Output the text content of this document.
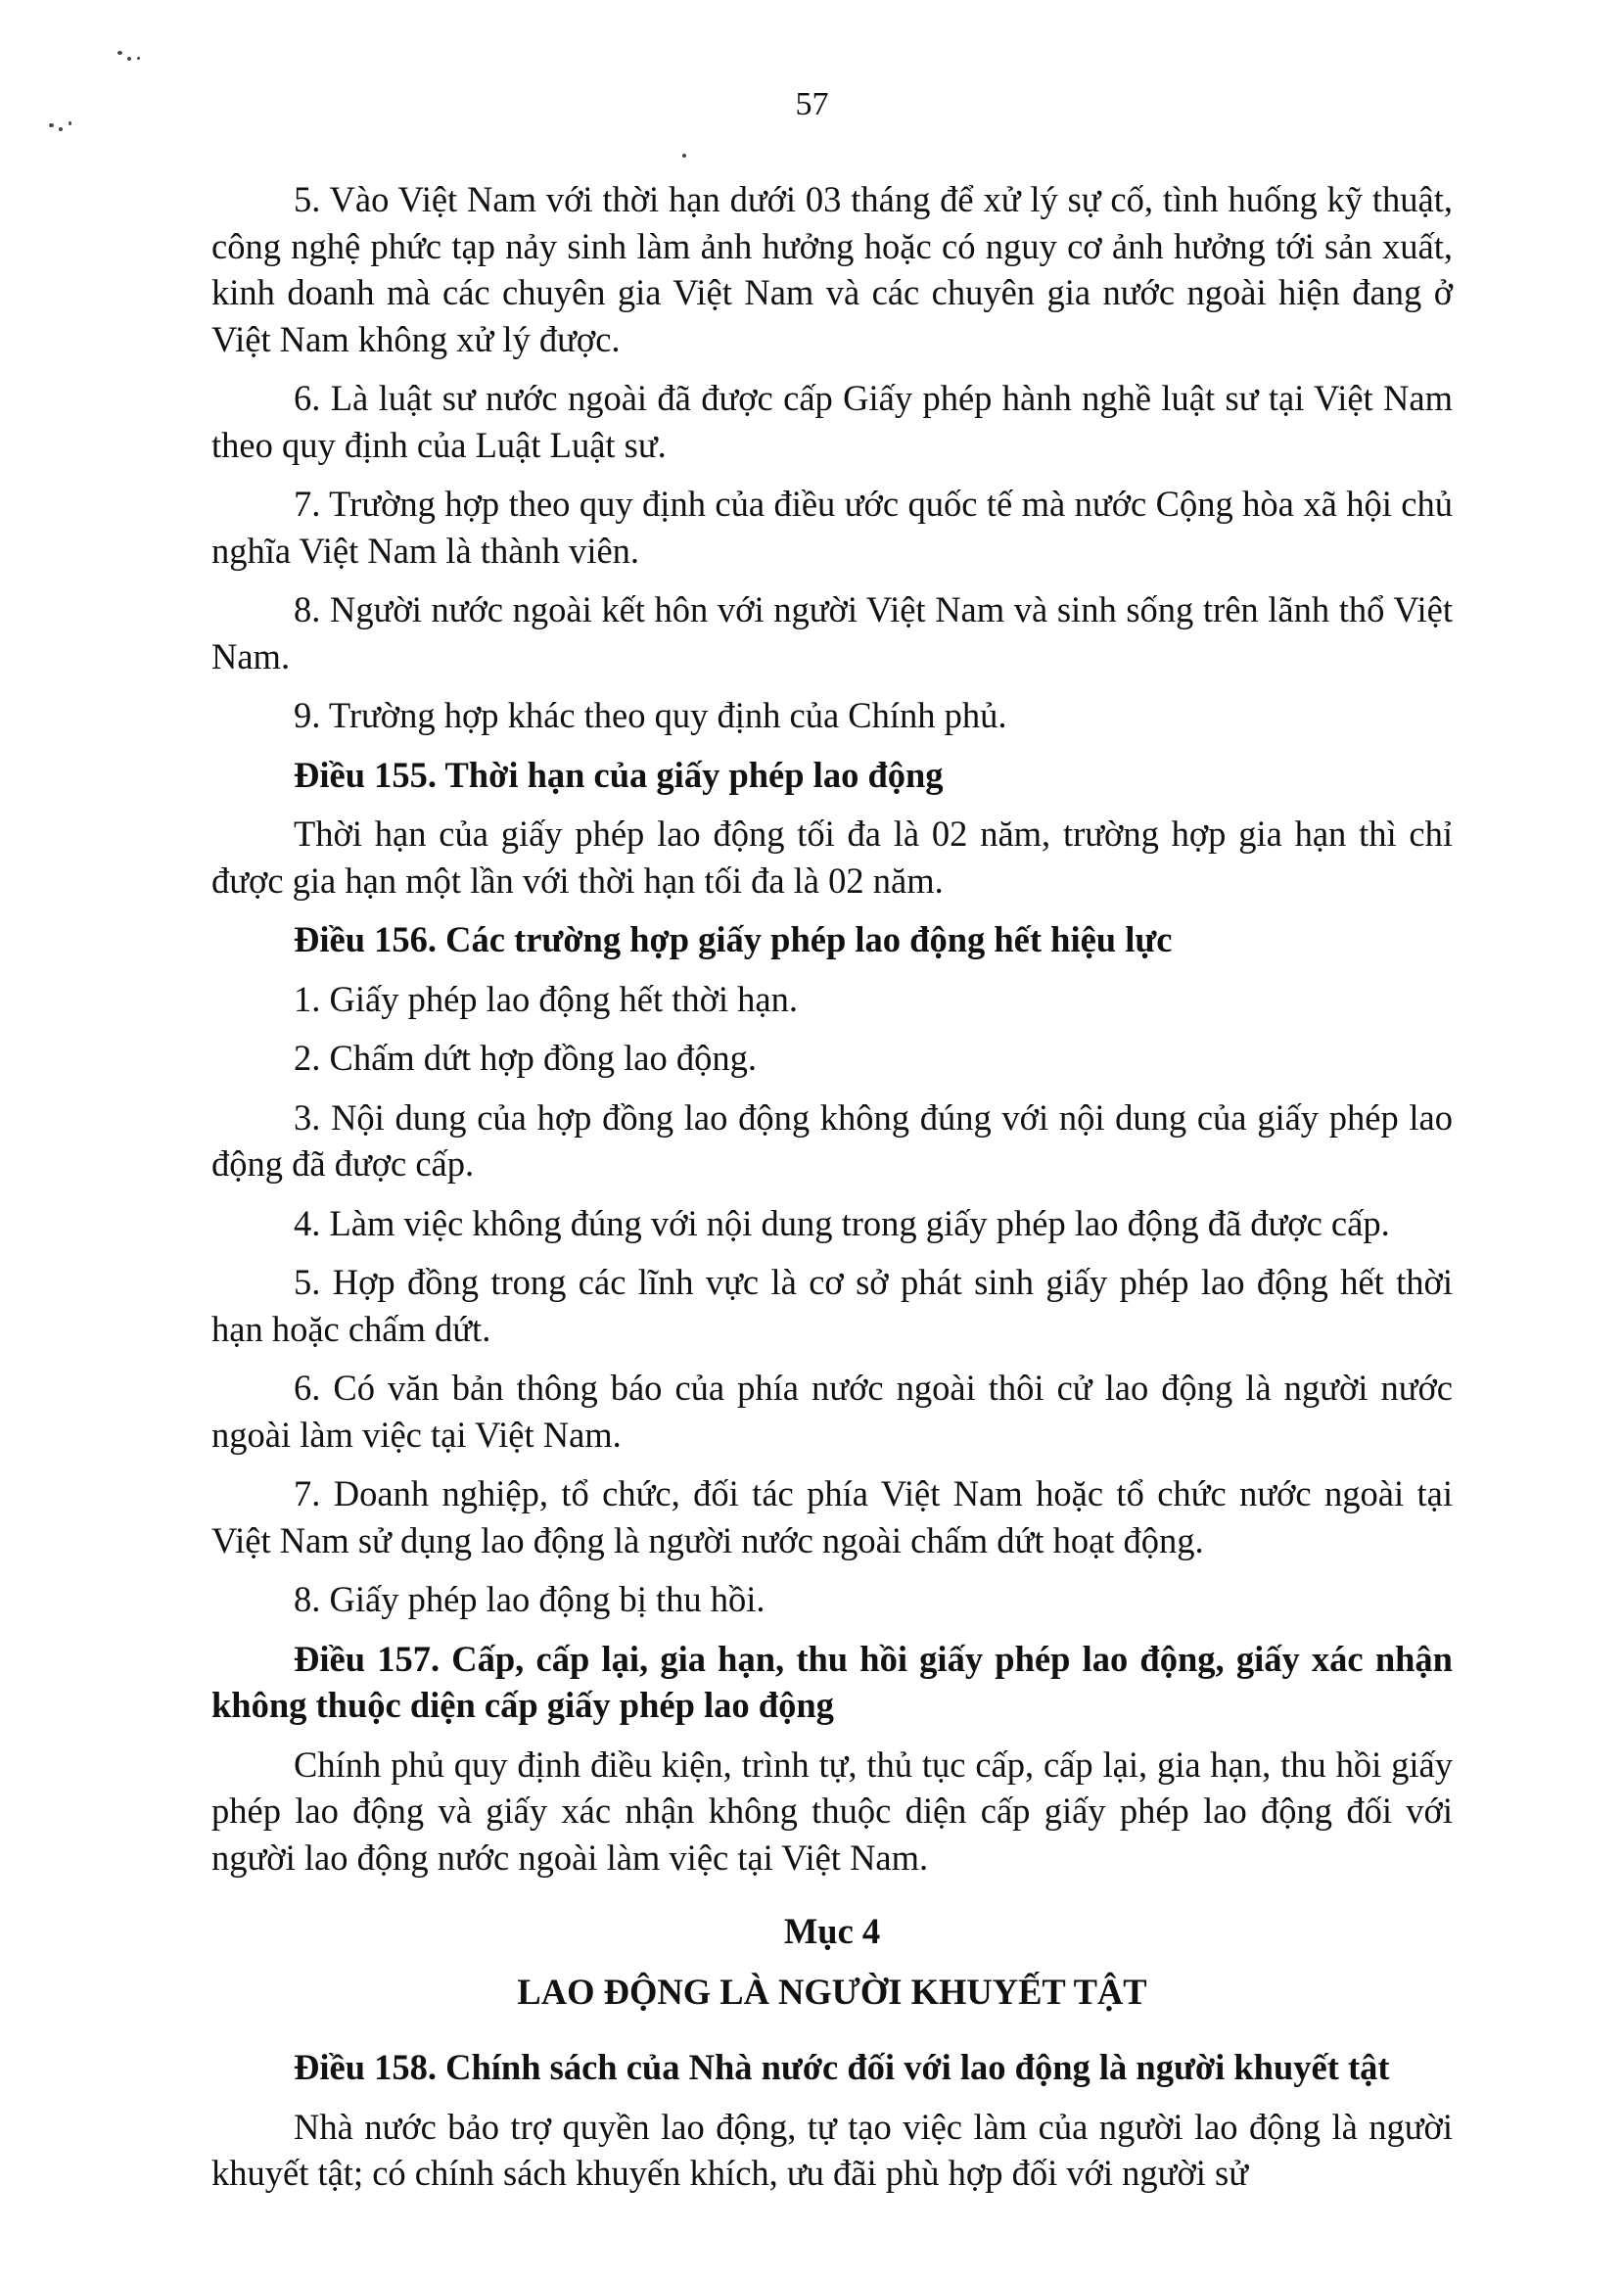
57

5. Vào Việt Nam với thời hạn dưới 03 tháng để xử lý sự cố, tình huống kỹ thuật, công nghệ phức tạp nảy sinh làm ảnh hưởng hoặc có nguy cơ ảnh hưởng tới sản xuất, kinh doanh mà các chuyên gia Việt Nam và các chuyên gia nước ngoài hiện đang ở Việt Nam không xử lý được.

6. Là luật sư nước ngoài đã được cấp Giấy phép hành nghề luật sư tại Việt Nam theo quy định của Luật Luật sư.

7. Trường hợp theo quy định của điều ước quốc tế mà nước Cộng hòa xã hội chủ nghĩa Việt Nam là thành viên.

8. Người nước ngoài kết hôn với người Việt Nam và sinh sống trên lãnh thổ Việt Nam.

9. Trường hợp khác theo quy định của Chính phủ.

Điều 155. Thời hạn của giấy phép lao động

Thời hạn của giấy phép lao động tối đa là 02 năm, trường hợp gia hạn thì chỉ được gia hạn một lần với thời hạn tối đa là 02 năm.

Điều 156. Các trường hợp giấy phép lao động hết hiệu lực

1. Giấy phép lao động hết thời hạn.

2. Chấm dứt hợp đồng lao động.

3. Nội dung của hợp đồng lao động không đúng với nội dung của giấy phép lao động đã được cấp.

4. Làm việc không đúng với nội dung trong giấy phép lao động đã được cấp.

5. Hợp đồng trong các lĩnh vực là cơ sở phát sinh giấy phép lao động hết thời hạn hoặc chấm dứt.

6. Có văn bản thông báo của phía nước ngoài thôi cử lao động là người nước ngoài làm việc tại Việt Nam.

7. Doanh nghiệp, tổ chức, đối tác phía Việt Nam hoặc tổ chức nước ngoài tại Việt Nam sử dụng lao động là người nước ngoài chấm dứt hoạt động.

8. Giấy phép lao động bị thu hồi.

Điều 157. Cấp, cấp lại, gia hạn, thu hồi giấy phép lao động, giấy xác nhận không thuộc diện cấp giấy phép lao động

Chính phủ quy định điều kiện, trình tự, thủ tục cấp, cấp lại, gia hạn, thu hồi giấy phép lao động và giấy xác nhận không thuộc diện cấp giấy phép lao động đối với người lao động nước ngoài làm việc tại Việt Nam.

Mục 4

LAO ĐỘNG LÀ NGƯỜI KHUYẾT TẬT

Điều 158. Chính sách của Nhà nước đối với lao động là người khuyết tật

Nhà nước bảo trợ quyền lao động, tự tạo việc làm của người lao động là người khuyết tật; có chính sách khuyến khích, ưu đãi phù hợp đối với người sử
